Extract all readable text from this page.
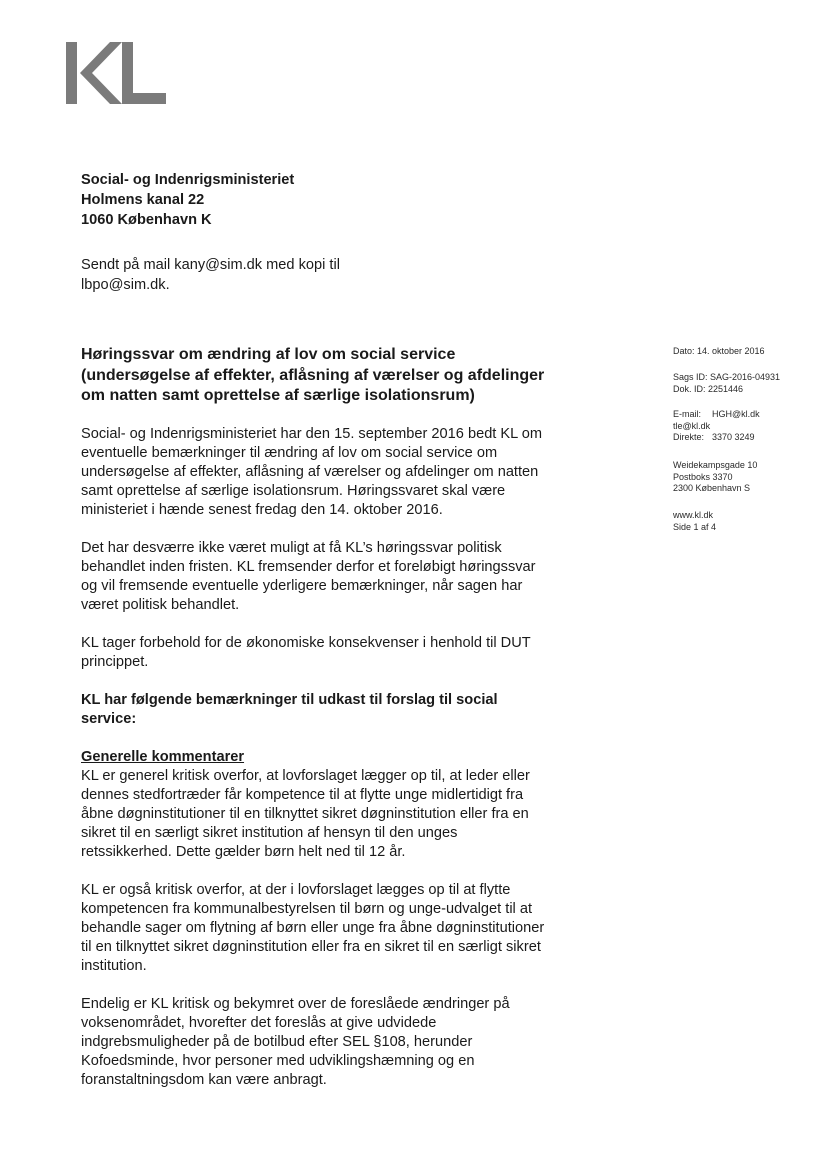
Social- og Indenrigsministeriet
Holmens kanal 22
1060 København K
Sendt på mail kany@sim.dk med kopi til lbpo@sim.dk.
Høringssvar om ændring af lov om social service (undersøgelse af effekter, aflåsning af værelser og afdelinger om natten samt oprettelse af særlige isolationsrum)

Social- og Indenrigsministeriet har den 15. september 2016 bedt KL om eventuelle bemærkninger til ændring af lov om social service om undersøgelse af effekter, aflåsning af værelser og afdelinger om natten samt oprettelse af særlige isolationsrum. Høringssvaret skal være ministeriet i hænde senest fredag den 14. oktober 2016.

Det har desværre ikke været muligt at få KL’s høringssvar politisk behandlet inden fristen. KL fremsender derfor et foreløbigt høringssvar og vil fremsende eventuelle yderligere bemærkninger, når sagen har været politisk behandlet.

KL tager forbehold for de økonomiske konsekvenser i henhold til DUT princippet.

KL har følgende bemærkninger til udkast til forslag til social service:

Generelle kommentarer
KL er generel kritisk overfor, at lovforslaget lægger op til, at leder eller dennes stedfortræder får kompetence til at flytte unge midlertidigt fra åbne døgninstitutioner til en tilknyttet sikret døgninstitution eller fra en sikret til en særligt sikret institution af hensyn til den unges retssikkerhed. Dette gælder børn helt ned til 12 år.

KL er også kritisk overfor, at der i lovforslaget lægges op til at flytte kompetencen fra kommunalbestyrelsen til børn og unge-udvalget til at behandle sager om flytning af børn eller unge fra åbne døgninstitutioner til en tilknyttet sikret døgninstitution eller fra en sikret til en særligt sikret institution.

Endelig er KL kritisk og bekymret over de foreslåede ændringer på voksenområdet, hvorefter det foreslås at give udvidede indgrebsmuligheder på de botilbud efter SEL §108, herunder Kofoedsminde, hvor personer med udviklingshæmning og en foranstaltningsdom kan være anbragt.

Dato: 14. oktober 2016
Sags ID: SAG-2016-04931
Dok. ID: 2251446
E-mail: HGH@kl.dk
tle@kl.dk
Direkte: 3370 3249
Weidekampsgade 10
Postboks 3370
2300 København S
www.kl.dk
Side 1 af 4
